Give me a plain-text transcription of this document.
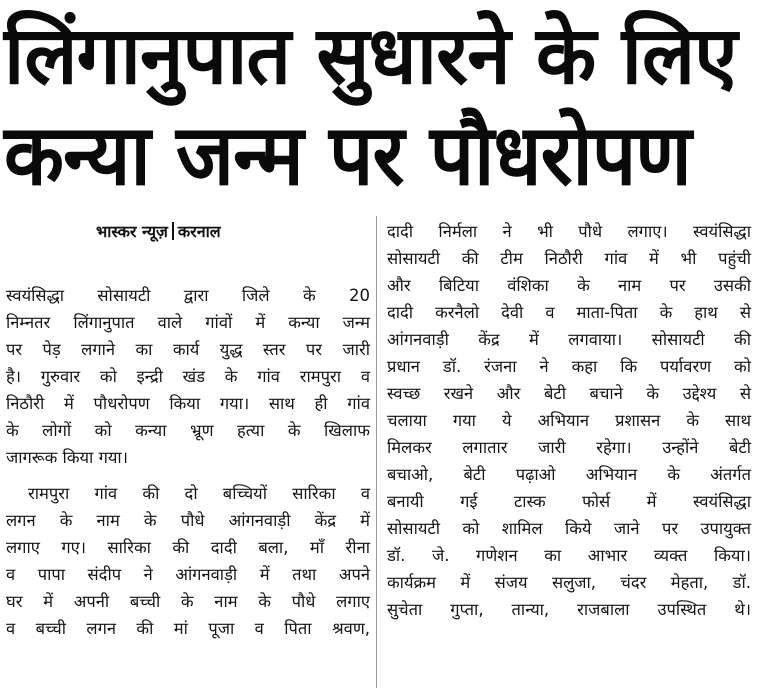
लिंगानुपात सुधारने के लिए
कन्या जन्म पर पौधरोपण
भास्कर न्यूज़ करनाल
स्वयंसिद्धा सोसायटी द्वारा जिले के 20
निम्नतर लिंगानुपात वाले गांवों में कन्या जन्म
पर पेड़ लगाने का कार्य युद्ध स्तर पर जारी
है। गुरुवार को इन्द्री खंड के गांव रामपुरा व
निठौरी में पौधरोपण किया गया। साथ ही गांव
के लोगों को कन्या भ्रूण हत्या के खिलाफ
जागरूक किया गया।
रामपुरा गांव की दो बच्चियों सारिका व
लगन के नाम के पौधे आंगनवाड़ी केंद्र में
लगाए गए। सारिका की दादी बला, माँ रीना
व पापा संदीप ने आंगनवाड़ी में तथा अपने
घर में अपनी बच्ची के नाम के पौधे लगाए
व बच्ची लगन की मां पूजा व पिता श्रवण,
दादी निर्मला ने भी पौधे लगाए। स्वयंसिद्धा
सोसायटी की टीम निठौरी गांव में भी पहुंची
और बिटिया वंशिका के नाम पर उसकी
दादी करनैलो देवी व माता-पिता के हाथ से
आंगनवाड़ी केंद्र में लगवाया। सोसायटी की
प्रधान डॉ. रंजना ने कहा कि पर्यावरण को
स्वच्छ रखने और बेटी बचाने के उद्देश्य से
चलाया गया ये अभियान प्रशासन के साथ
मिलकर लगातार जारी रहेगा। उन्होंने बेटी
बचाओ, बेटी पढ़ाओ अभियान के अंतर्गत
बनायी गई टास्क फोर्स में स्वयंसिद्धा
सोसायटी को शामिल किये जाने पर उपायुक्त
डॉ. जे. गणेशन का आभार व्यक्त किया।
कार्यक्रम में संजय सलुजा, चंदर मेहता, डॉ.
सुचेता गुप्ता, तान्या, राजबाला उपस्थित थे।
